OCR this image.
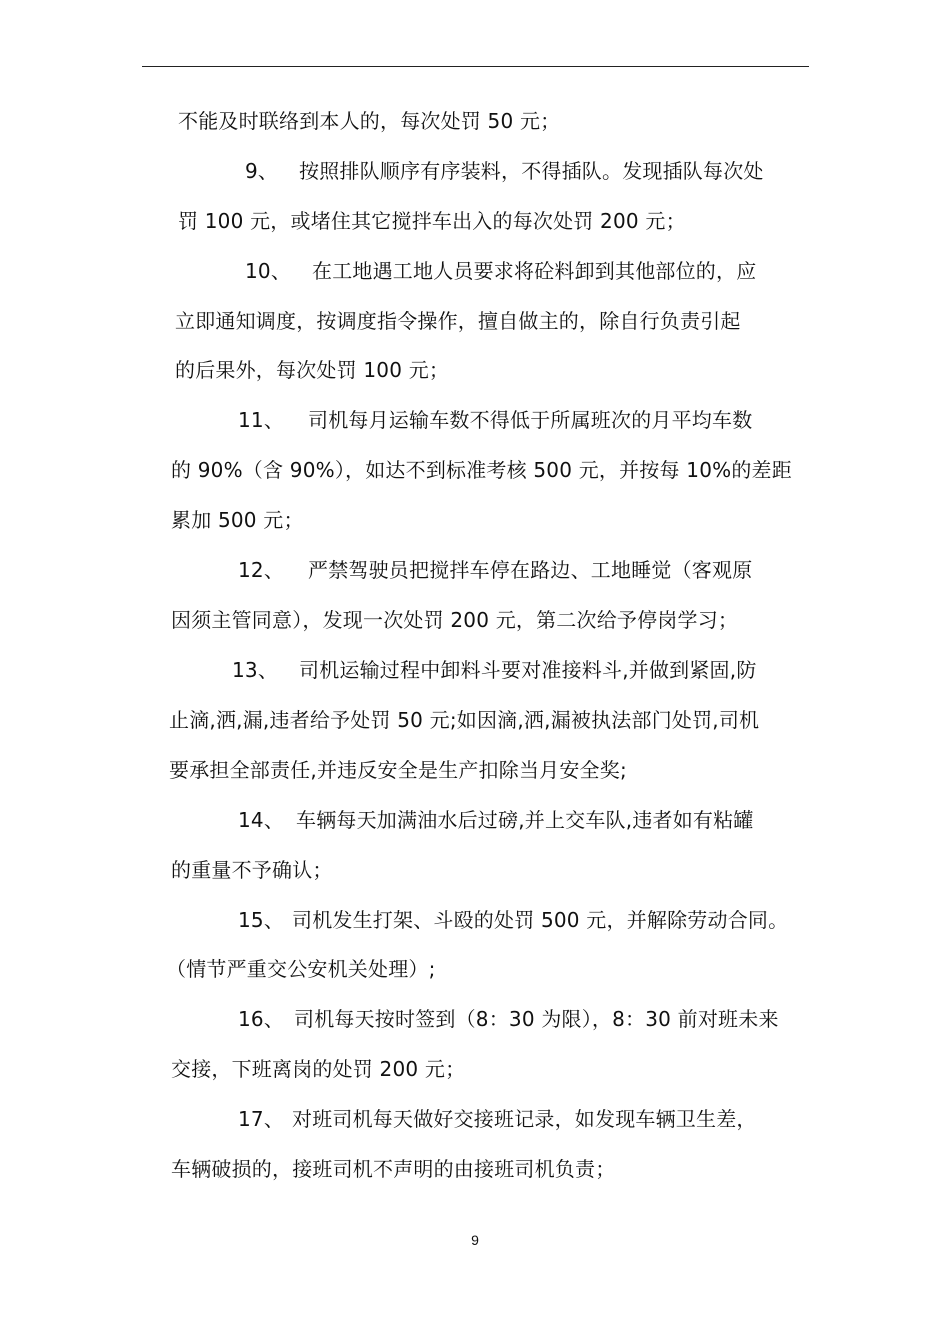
不能及时联络到本人的，每次处罚 50 元；
9、 按照排队顺序有序装料，不得插队。发现插队每次处
罚 100 元，或堵住其它搅拌车出入的每次处罚 200 元；
10、 在工地遇工地人员要求将砼料卸到其他部位的，应
立即通知调度，按调度指令操作，擅自做主的，除自行负责引起
的后果外，每次处罚 100 元；
11、 司机每月运输车数不得低于所属班次的月平均车数
的 90%（含 90%），如达不到标准考核 500 元，并按每 10%的差距
累加 500 元；
12、 严禁驾驶员把搅拌车停在路边、工地睡觉（客观原
因须主管同意），发现一次处罚 200 元，第二次给予停岗学习；
13、 司机运输过程中卸料斗要对准接料斗,并做到紧固,防
止滴,洒,漏,违者给予处罚 50 元;如因滴,洒,漏被执法部门处罚,司机
要承担全部责任,并违反安全是生产扣除当月安全奖;
14、 车辆每天加满油水后过磅,并上交车队,违者如有粘罐
的重量不予确认；
15、 司机发生打架、斗殴的处罚 500 元，并解除劳动合同。
（情节严重交公安机关处理）;
16、 司机每天按时签到（8：30 为限），8：30 前对班未来
交接，下班离岗的处罚 200 元；
17、 对班司机每天做好交接班记录，如发现车辆卫生差，
车辆破损的，接班司机不声明的由接班司机负责；
9
